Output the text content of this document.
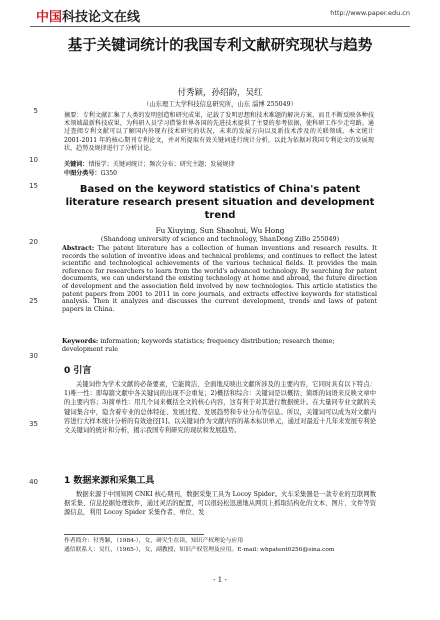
中国科技论文在线	http://www.paper.edu.cn
5
10
15
20
25
30
35
40
基于关键词统计的我国专利文献研究现状与趋势
付秀颖，孙绍韵，吴红
（山东理工大学科技信息研究所，山东 淄博 255049）
摘要：专利文献汇集了人类的发明创造和研究成果，记载了发明思想和技术难题的解决方案，而且不断反映各种技术领域最新科技成果，为科研人员学习借鉴世界各国的先进技术提供了主要的参考依据，使科研工作少走弯路。通过查阅专利文献可以了解国内外现有技术研究的状况，未来的发展方向以及新技术涉及的关联领域。本文统计 2001-2011 年的核心期刊专利论文，并对所提取有效关键词进行统计分析，以此为依据对我国专利论文的发展现状、趋势及规律进行了分析讨论。
关键词：情报学；关键词统计；频次分布；研究主题；发展规律
中图分类号：G350
Based on the keyword statistics of China's patent literature research present situation and development trend
Fu Xiuying, Sun Shaohui, Wu Hong
(Shandong university of science and technology, ShanDong ZiBo 255049)
Abstract: The patent literature has a collection of human inventions and research results. It records the solution of inventive ideas and technical problems, and continues to reflect the latest scientific and technological achievements of the various technical fields. It provides the main reference for researchers to learn from the world's advanced technology. By searching for patent documents, we can understand the existing technology at home and abroad, the future direction of development and the association field involved by new technologies. This article statistics the patent papers from 2001 to 2011 in core journals, and extracts effective keywords for statistical analysis. Then it analyzes and discusses the current development, trends and laws of patent papers in China.
Keywords: information; keywords statistics; frequency distribution; research theme; development rule
0 引言
关键词作为学术文献的必备要素，它能简洁、全面地反映出文献所涉及的主要内容，它同时具有以下特点：1)唯一性：即每篇文献中各关键词的出现不会重复；2)概括和综合：关键词是以概括、简练的词语来反映文章中的主要内容；3)简单性：用几个词来概括全文的核心内容，这有利于对其进行数据统计。在大量同专业文献的关键词集合中，隐含着专业的总体特征、发展过程、发展趋势和专业分布等信息。所以，关键词可以成为对文献内容进行大样本统计分析的有效途径[1]。以关键词作为文献内容的基本标识单元，通过对最近十几年来发展专利论文关键词的统计和分析，揭示我国专利研究的现状和发展趋势。
1 数据来源和采集工具
数据来源于中国知网 CNKI 核心期刊，数据采集工具为 Locoy Spider。火车采集器是一款专业的互联网数据采集、信息挖掘处理软件，通过灵活的配置，可以很轻松迅速地从网页上抓取结构化的文本、图片、文件等资源信息，利用 Locoy Spider 采集作者、单位、发
作者简介：付秀颖，（1984-），女，研究生在读，知识产权理论与应用
通信联系人：吴红，（1965-），女，副教授，知识产权管理及应用。E-mail: whpatent0256@sina.com
- 1 -
